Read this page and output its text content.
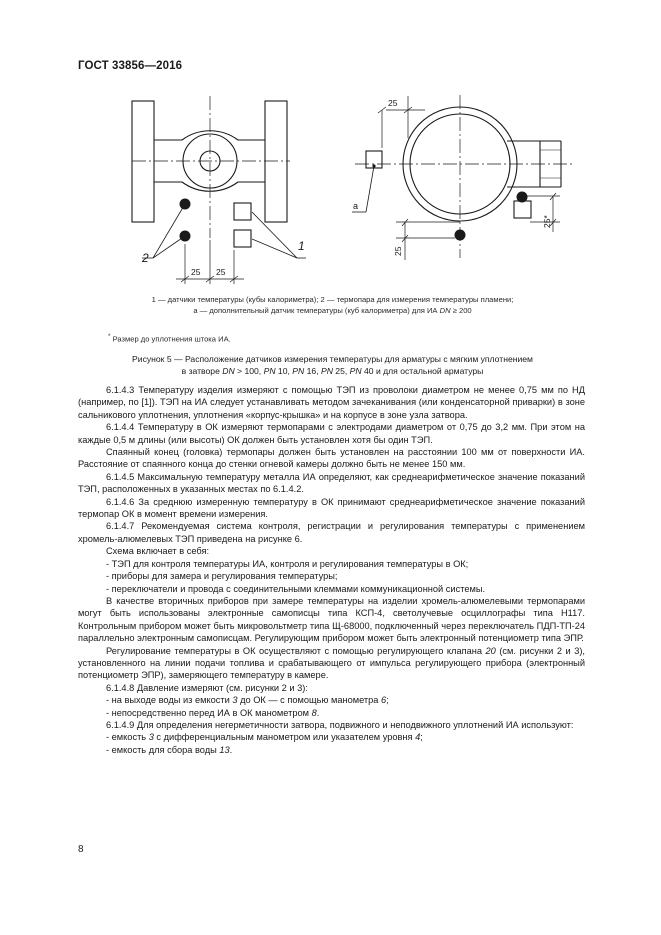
ГОСТ 33856—2016
2
1
25 25
25
25
25*
a
1 — датчики температуры (кубы калориметра); 2 — термопара для измерения температуры пламени;
а — дополнительный датчик температуры (куб калориметра) для ИА DN ≥ 200
* Размер до уплотнения штока ИА.
Рисунок 5 — Расположение датчиков измерения температуры для арматуры с мягким уплотнением
в затворе DN > 100, PN 10, PN 16, PN 25, PN 40 и для остальной арматуры

6.1.4.3 Температуру изделия измеряют с помощью ТЭП из проволоки диаметром не менее 0,75 мм по НД (например, по [1]). ТЭП на ИА следует устанавливать методом зачеканивания (или конденсаторной приварки) в зоне сальникового уплотнения, уплотнения «корпус-крышка» и на корпусе в зоне узла затвора.

6.1.4.4 Температуру в ОК измеряют термопарами с электродами диаметром от 0,75 до 3,2 мм. При этом на каждые 0,5 м длины (или высоты) ОК должен быть установлен хотя бы один ТЭП.

Спаянный конец (головка) термопары должен быть установлен на расстоянии 100 мм от поверхности ИА. Расстояние от спаянного конца до стенки огневой камеры должно быть не менее 150 мм.

6.1.4.5 Максимальную температуру металла ИА определяют, как среднеарифметическое значение показаний ТЭП, расположенных в указанных местах по 6.1.4.2.

6.1.4.6 За среднюю измеренную температуру в ОК принимают среднеарифметическое значение показаний термопар ОК в момент времени измерения.

6.1.4.7 Рекомендуемая система контроля, регистрации и регулирования температуры с применением хромель-алюмелевых ТЭП приведена на рисунке 6.

Схема включает в себя:

- ТЭП для контроля температуры ИА, контроля и регулирования температуры в ОК;

- приборы для замера и регулирования температуры;

- переключатели и провода с соединительными клеммами коммуникационной системы.

В качестве вторичных приборов при замере температуры на изделии хромель-алюмелевыми термопарами могут быть использованы электронные самописцы типа КСП-4, светолучевые осциллографы типа Н117. Контрольным прибором может быть микровольтметр типа Щ-68000, подключенный через переключатель ПДП-ТП-24 параллельно электронным самописцам. Регулирующим прибором может быть электронный потенциометр типа ЭПР.

Регулирование температуры в ОК осуществляют с помощью регулирующего клапана 20 (см. рисунки 2 и 3), установленного на линии подачи топлива и срабатывающего от импульса регулирующего прибора (электронный потенциометр ЭПР), замеряющего температуру в камере.

6.1.4.8 Давление измеряют (см. рисунки 2 и 3):

- на выходе воды из емкости 3 до ОК — с помощью манометра 6;

- непосредственно перед ИА в ОК манометром 8.

6.1.4.9 Для определения негерметичности затвора, подвижного и неподвижного уплотнений ИА используют:

- емкость 3 с дифференциальным манометром или указателем уровня 4;

- емкость для сбора воды 13.

8
